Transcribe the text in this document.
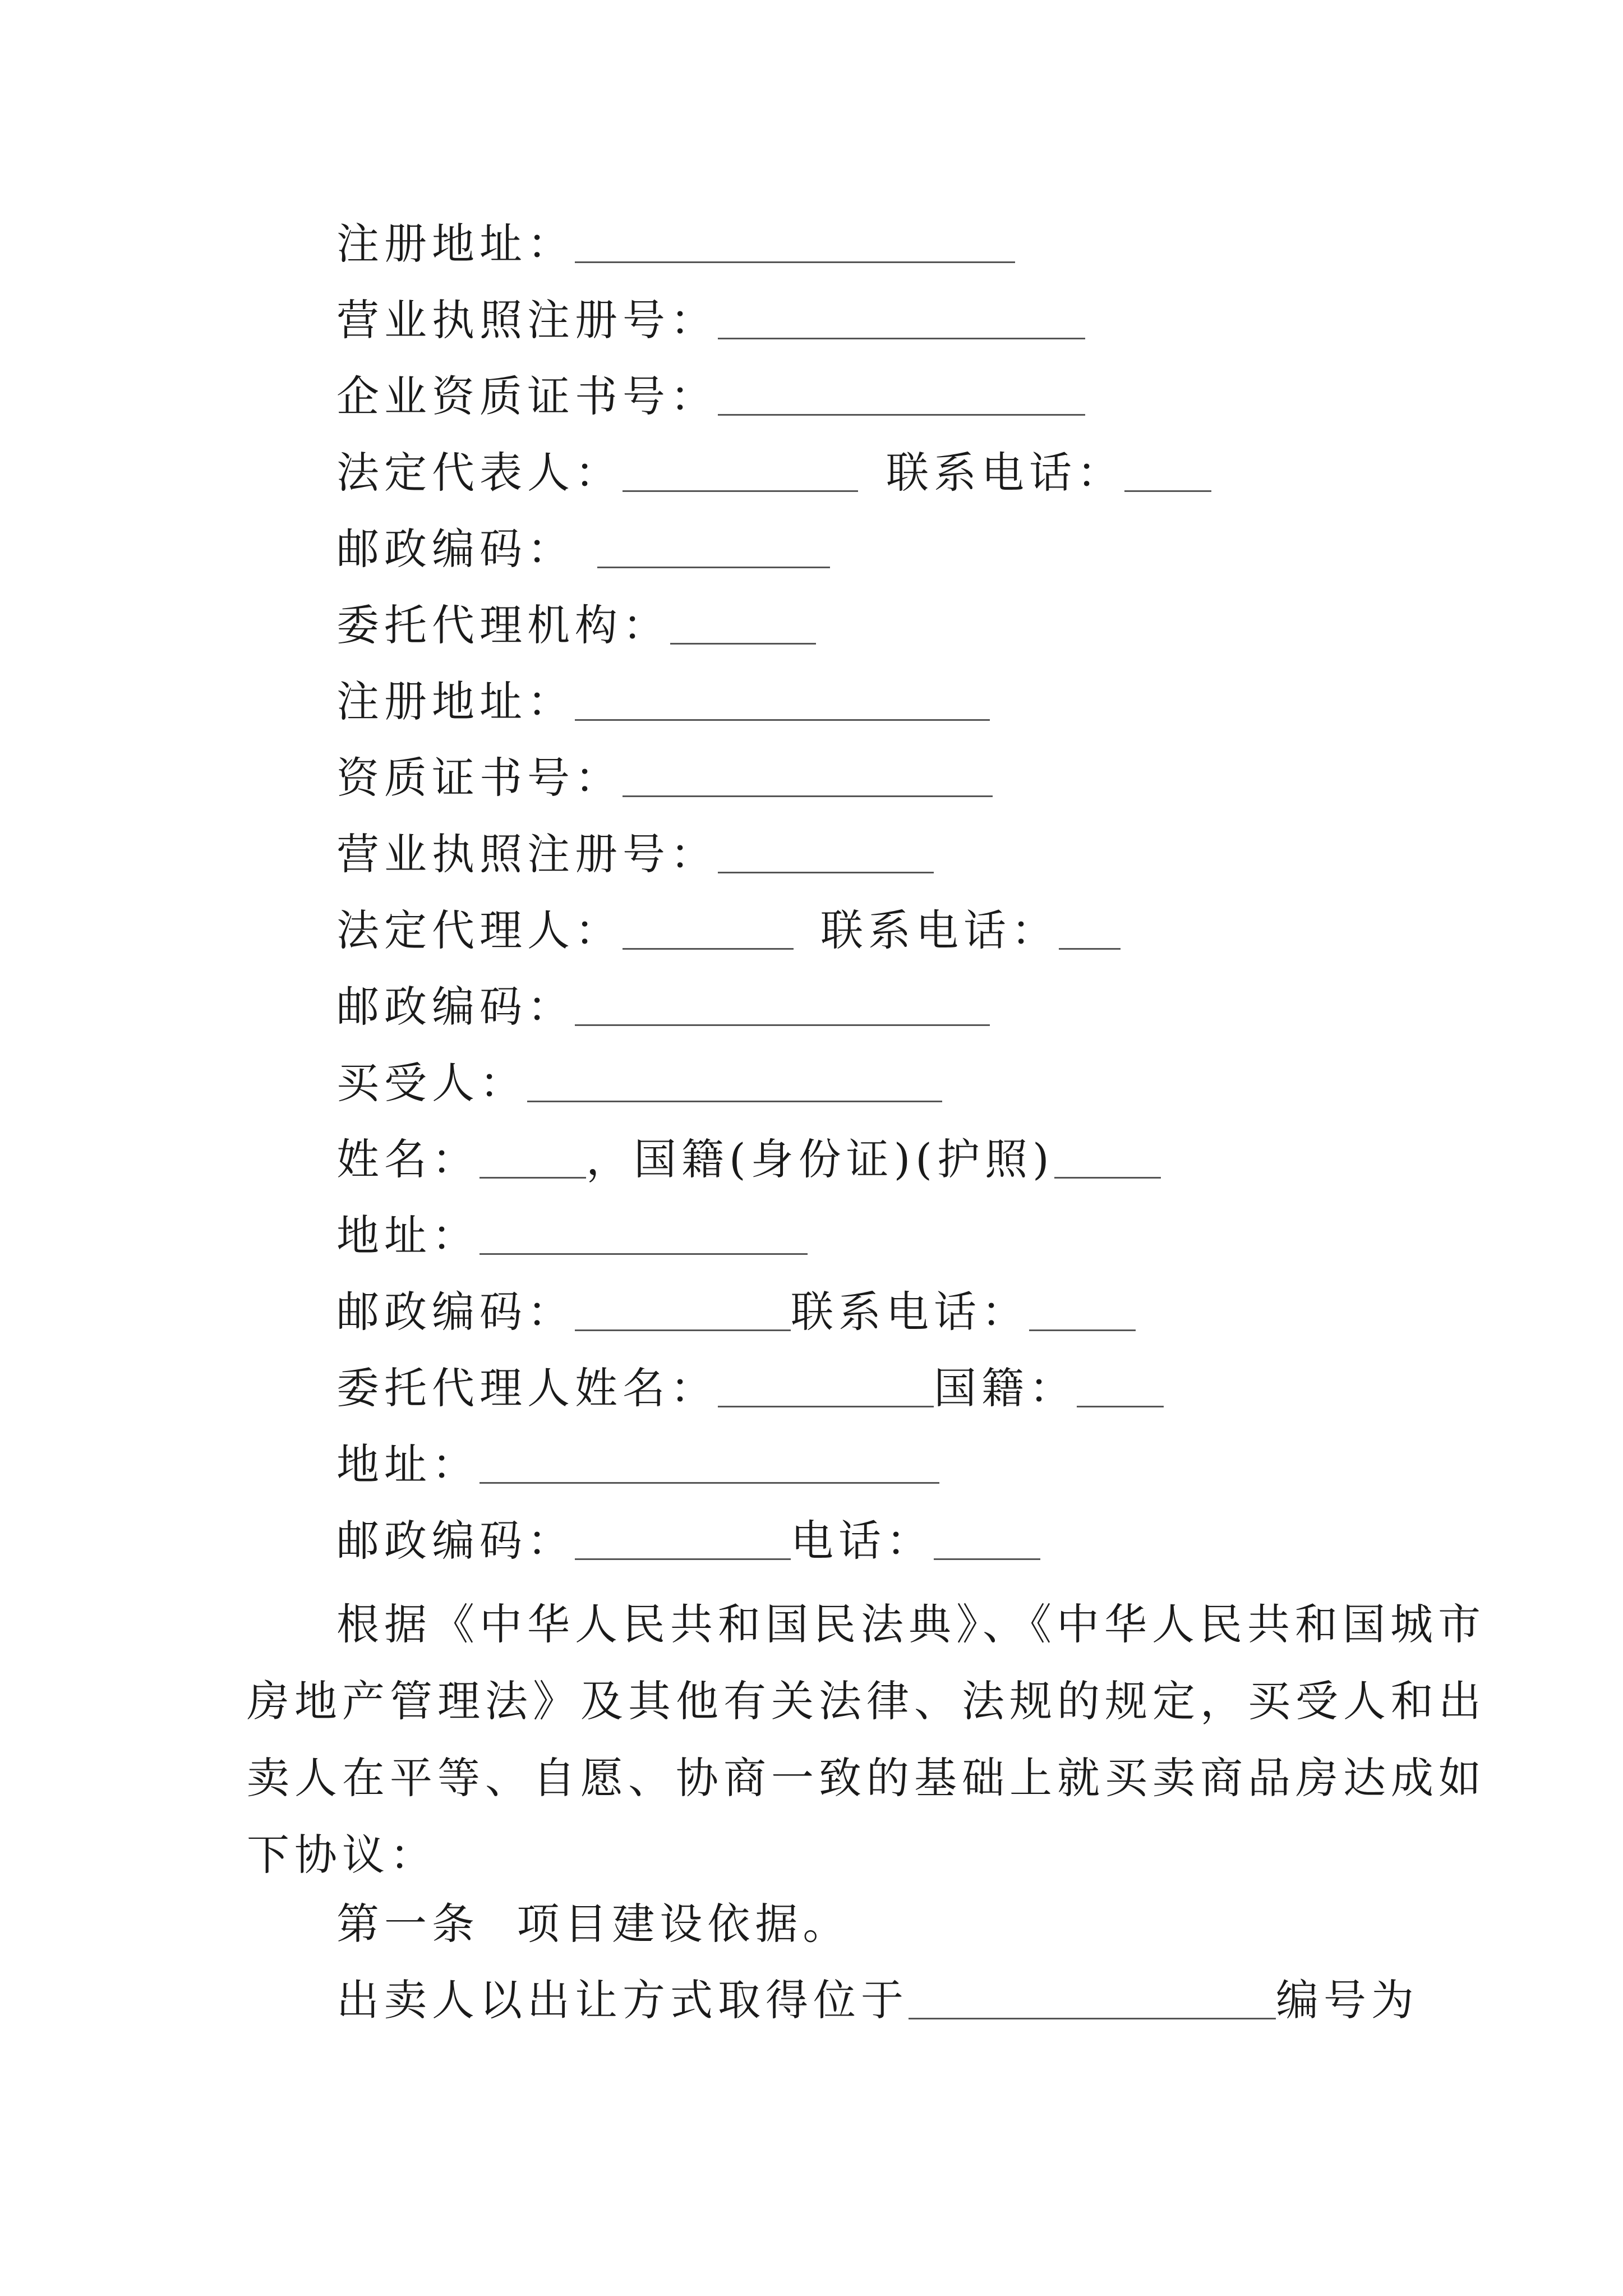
注册地址：
营业执照注册号：
企业资质证书号：
法定代表人：	联系电话：
邮政编码：
委托代理机构：
注册地址：
资质证书号：
营业执照注册号：
法定代理人：	联系电话：
邮政编码：
买受人：
姓名：	，国籍(身份证)(护照)
地址：
邮政编码：	联系电话：
委托代理人姓名：	国籍：
地址：
邮政编码：	电话：
根据《中华人民共和国民法典》、《中华人民共和国城市
房地产管理法》及其他有关法律、法规的规定，买受人和出
卖人在平等、自愿、协商一致的基础上就买卖商品房达成如
下协议：
第一条  项目建设依据。
出卖人以出让方式取得位于	编号为
